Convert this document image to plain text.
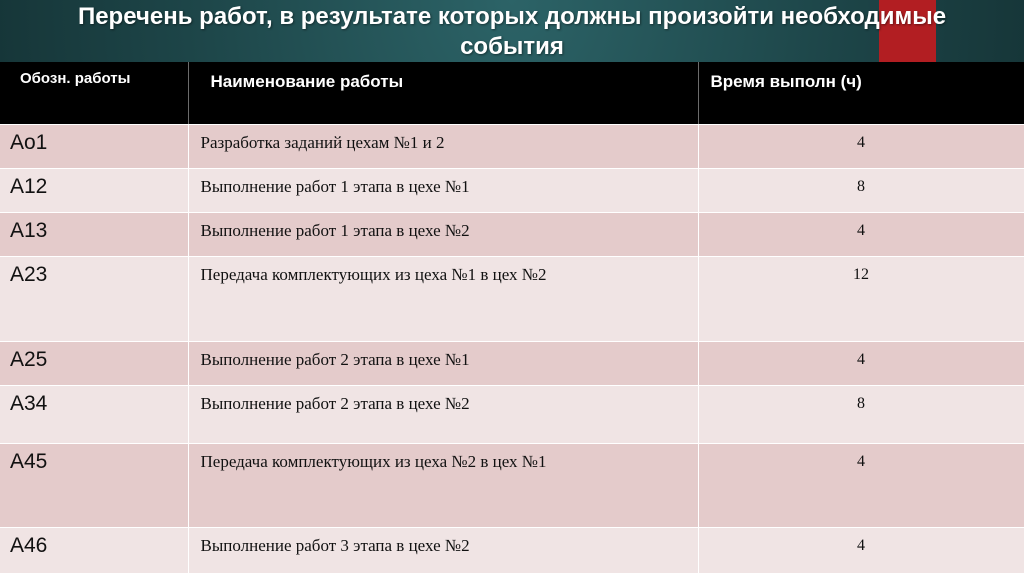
Перечень работ, в результате которых должны произойти необходимые
события
Обозн. работы	Наименование работы	Время выполн (ч)
Ао1	Разработка заданий цехам №1 и 2	4
А12	Выполнение работ 1 этапа в цехе №1	8
А13	Выполнение работ 1 этапа в цехе №2	4
А23	Передача комплектующих из цеха №1 в цех №2	12
А25	Выполнение работ 2 этапа в цехе №1	4
А34	Выполнение работ 2 этапа в цехе №2	8
А45	Передача комплектующих из цеха №2 в цех №1	4
А46	Выполнение работ 3 этапа в цехе №2	4
